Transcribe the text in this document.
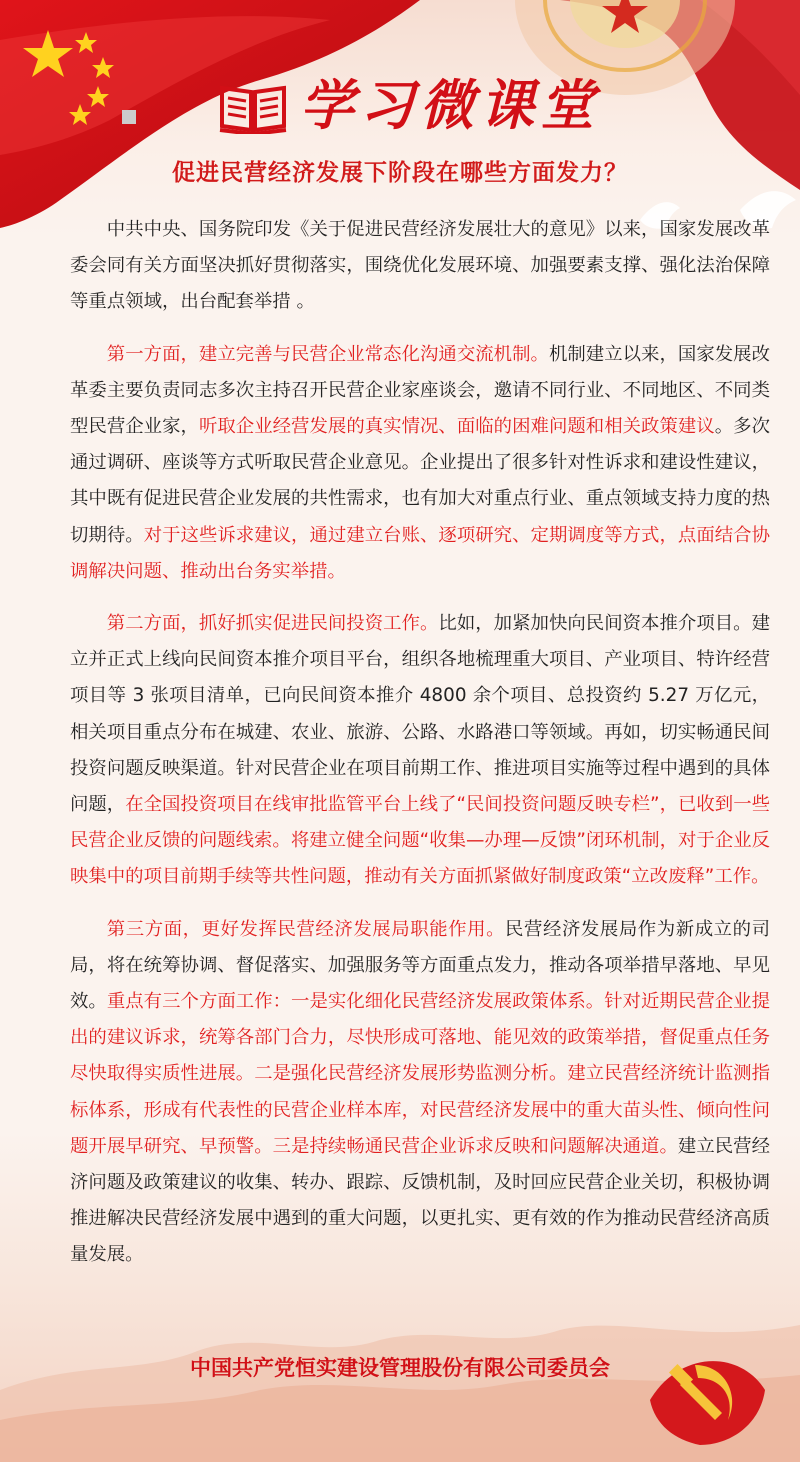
学习微课堂
促进民营经济发展下阶段在哪些方面发力？

中共中央、国务院印发《关于促进民营经济发展壮大的意见》以来，国家发展改革委会同有关方面坚决抓好贯彻落实，围绕优化发展环境、加强要素支撑、强化法治保障等重点领域，出台配套举措 。

第一方面，建立完善与民营企业常态化沟通交流机制。机制建立以来，国家发展改革委主要负责同志多次主持召开民营企业家座谈会，邀请不同行业、不同地区、不同类型民营企业家，听取企业经营发展的真实情况、面临的困难问题和相关政策建议。多次通过调研、座谈等方式听取民营企业意见。企业提出了很多针对性诉求和建设性建议，其中既有促进民营企业发展的共性需求，也有加大对重点行业、重点领域支持力度的热切期待。对于这些诉求建议，通过建立台账、逐项研究、定期调度等方式，点面结合协调解决问题、推动出台务实举措。

第二方面，抓好抓实促进民间投资工作。比如，加紧加快向民间资本推介项目。建立并正式上线向民间资本推介项目平台，组织各地梳理重大项目、产业项目、特许经营项目等 3 张项目清单，已向民间资本推介 4800 余个项目、总投资约 5.27 万亿元，相关项目重点分布在城建、农业、旅游、公路、水路港口等领域。再如，切实畅通民间投资问题反映渠道。针对民营企业在项目前期工作、推进项目实施等过程中遇到的具体问题，在全国投资项目在线审批监管平台上线了“民间投资问题反映专栏”，已收到一些民营企业反馈的问题线索。将建立健全问题“收集—办理—反馈”闭环机制，对于企业反映集中的项目前期手续等共性问题，推动有关方面抓紧做好制度政策“立改废释”工作。

第三方面，更好发挥民营经济发展局职能作用。民营经济发展局作为新成立的司局，将在统筹协调、督促落实、加强服务等方面重点发力，推动各项举措早落地、早见效。重点有三个方面工作：一是实化细化民营经济发展政策体系。针对近期民营企业提出的建议诉求，统筹各部门合力，尽快形成可落地、能见效的政策举措，督促重点任务尽快取得实质性进展。二是强化民营经济发展形势监测分析。建立民营经济统计监测指标体系，形成有代表性的民营企业样本库，对民营经济发展中的重大苗头性、倾向性问题开展早研究、早预警。三是持续畅通民营企业诉求反映和问题解决通道。建立民营经济问题及政策建议的收集、转办、跟踪、反馈机制，及时回应民营企业关切，积极协调推进解决民营经济发展中遇到的重大问题，以更扎实、更有效的作为推动民营经济高质量发展。

中国共产党恒实建设管理股份有限公司委员会
